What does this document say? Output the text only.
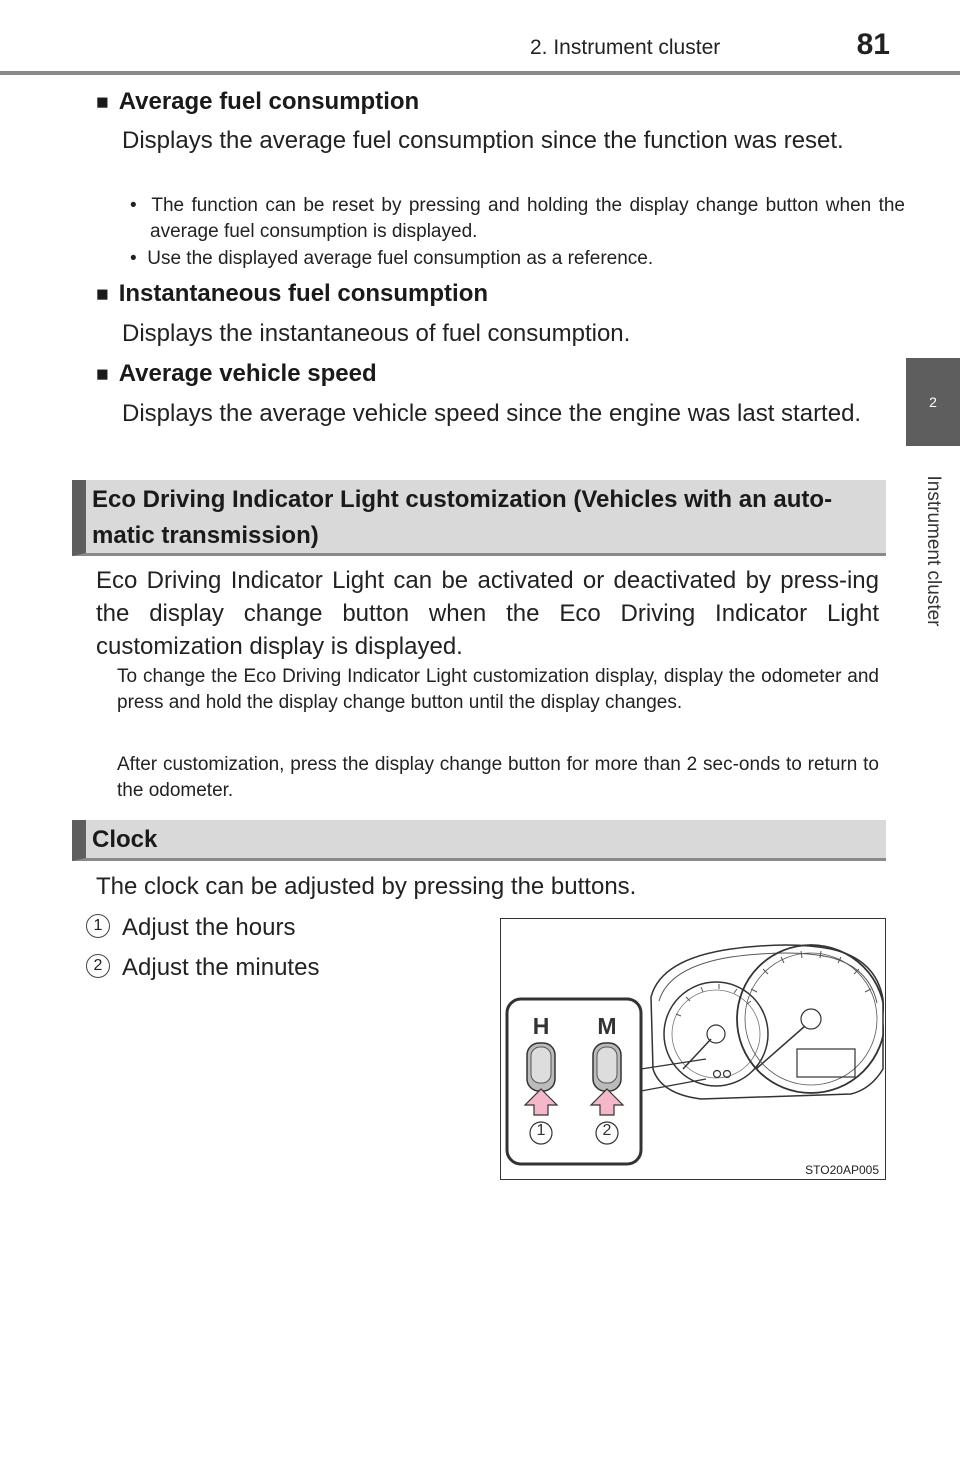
2. Instrument cluster	81
2
Instrument cluster
■ Average fuel consumption
Displays the average fuel consumption since the function was reset.
•  The function can be reset by pressing and holding the display change button when the average fuel consumption is displayed.
•  Use the displayed average fuel consumption as a reference.
■ Instantaneous fuel consumption
Displays the instantaneous of fuel consumption.
■ Average vehicle speed
Displays the average vehicle speed since the engine was last started.
Eco Driving Indicator Light customization (Vehicles with an auto-
matic transmission)
Eco Driving Indicator Light can be activated or deactivated by press-ing the display change button when the Eco Driving Indicator Light customization display is displayed.
To change the Eco Driving Indicator Light customization display, display the odometer and press and hold the display change button until the display changes.
After customization, press the display change button for more than 2 sec-onds to return to the odometer.
Clock
The clock can be adjusted by pressing the buttons.
1 Adjust the hours
2 Adjust the minutes
H M
1	2
STO20AP005
